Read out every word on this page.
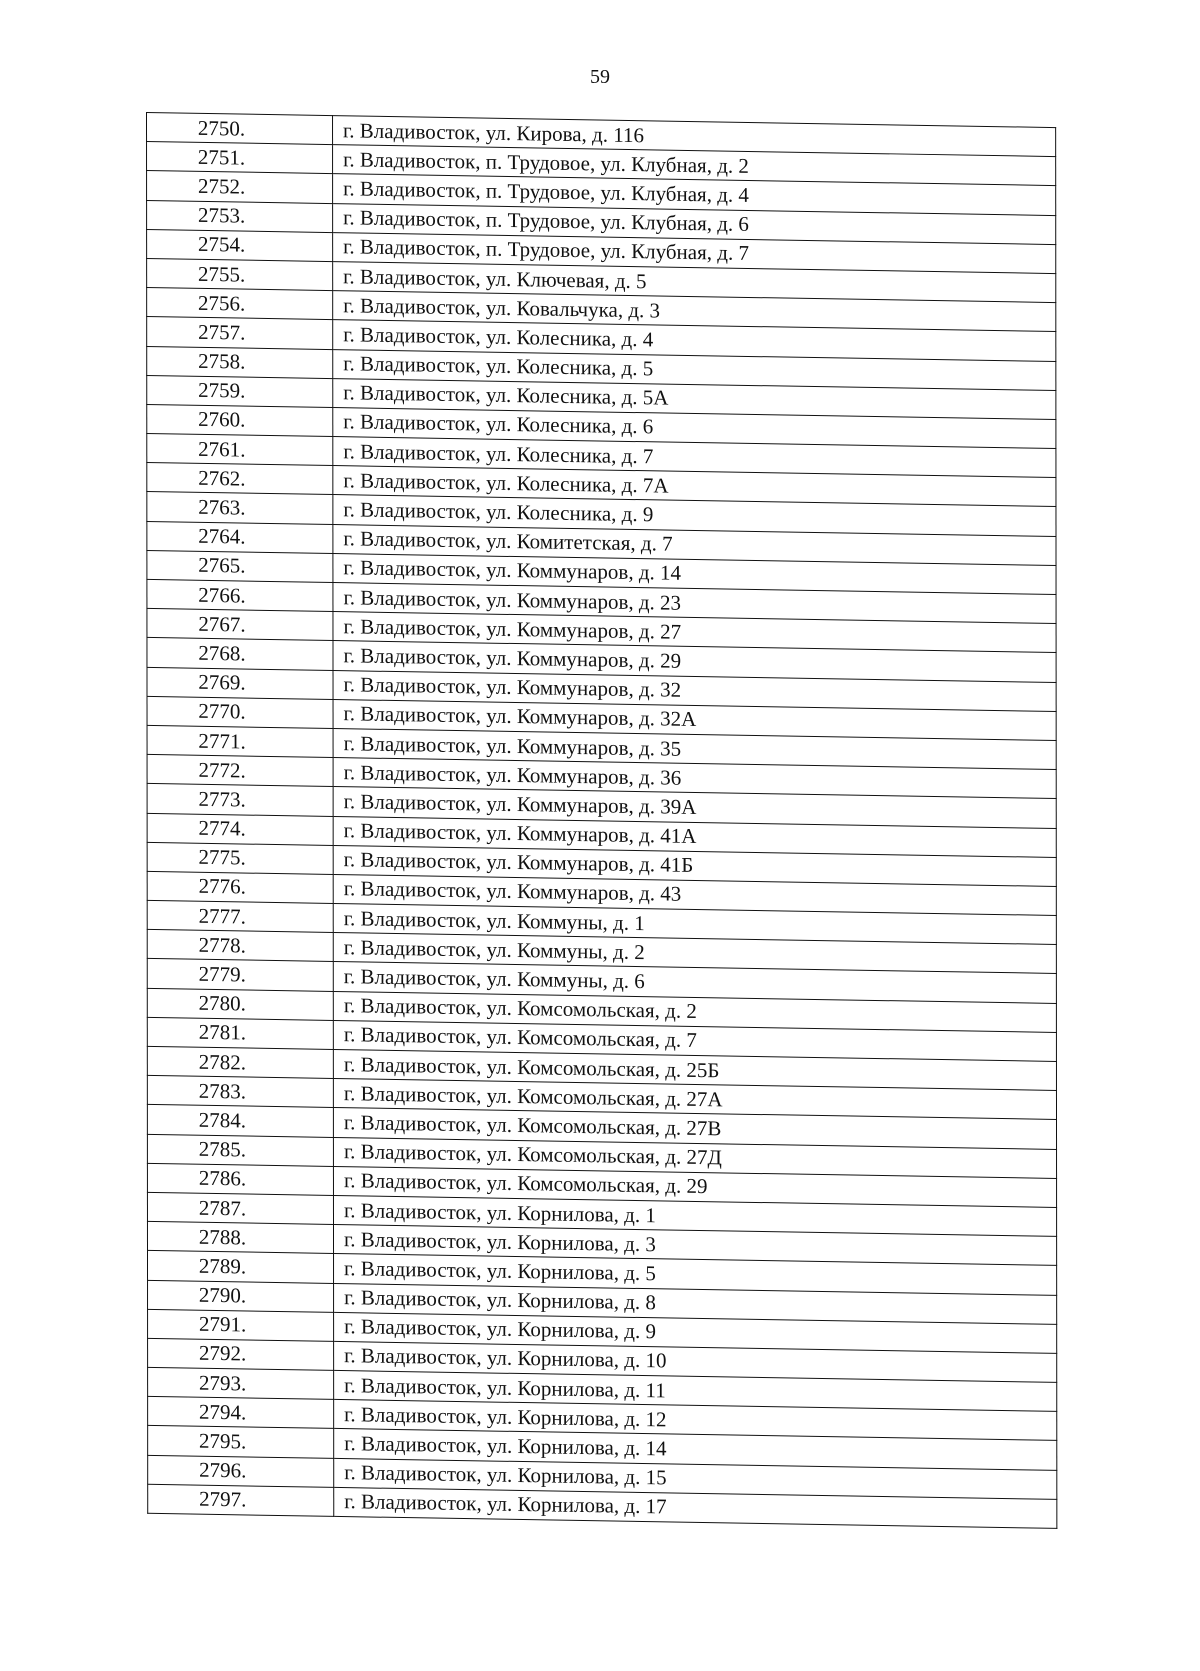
59
2750.	г. Владивосток, ул. Кирова, д. 116
2751.	г. Владивосток, п. Трудовое, ул. Клубная, д. 2
2752.	г. Владивосток, п. Трудовое, ул. Клубная, д. 4
2753.	г. Владивосток, п. Трудовое, ул. Клубная, д. 6
2754.	г. Владивосток, п. Трудовое, ул. Клубная, д. 7
2755.	г. Владивосток, ул. Ключевая, д. 5
2756.	г. Владивосток, ул. Ковальчука, д. 3
2757.	г. Владивосток, ул. Колесника, д. 4
2758.	г. Владивосток, ул. Колесника, д. 5
2759.	г. Владивосток, ул. Колесника, д. 5А
2760.	г. Владивосток, ул. Колесника, д. 6
2761.	г. Владивосток, ул. Колесника, д. 7
2762.	г. Владивосток, ул. Колесника, д. 7А
2763.	г. Владивосток, ул. Колесника, д. 9
2764.	г. Владивосток, ул. Комитетская, д. 7
2765.	г. Владивосток, ул. Коммунаров, д. 14
2766.	г. Владивосток, ул. Коммунаров, д. 23
2767.	г. Владивосток, ул. Коммунаров, д. 27
2768.	г. Владивосток, ул. Коммунаров, д. 29
2769.	г. Владивосток, ул. Коммунаров, д. 32
2770.	г. Владивосток, ул. Коммунаров, д. 32А
2771.	г. Владивосток, ул. Коммунаров, д. 35
2772.	г. Владивосток, ул. Коммунаров, д. 36
2773.	г. Владивосток, ул. Коммунаров, д. 39А
2774.	г. Владивосток, ул. Коммунаров, д. 41А
2775.	г. Владивосток, ул. Коммунаров, д. 41Б
2776.	г. Владивосток, ул. Коммунаров, д. 43
2777.	г. Владивосток, ул. Коммуны, д. 1
2778.	г. Владивосток, ул. Коммуны, д. 2
2779.	г. Владивосток, ул. Коммуны, д. 6
2780.	г. Владивосток, ул. Комсомольская, д. 2
2781.	г. Владивосток, ул. Комсомольская, д. 7
2782.	г. Владивосток, ул. Комсомольская, д. 25Б
2783.	г. Владивосток, ул. Комсомольская, д. 27А
2784.	г. Владивосток, ул. Комсомольская, д. 27В
2785.	г. Владивосток, ул. Комсомольская, д. 27Д
2786.	г. Владивосток, ул. Комсомольская, д. 29
2787.	г. Владивосток, ул. Корнилова, д. 1
2788.	г. Владивосток, ул. Корнилова, д. 3
2789.	г. Владивосток, ул. Корнилова, д. 5
2790.	г. Владивосток, ул. Корнилова, д. 8
2791.	г. Владивосток, ул. Корнилова, д. 9
2792.	г. Владивосток, ул. Корнилова, д. 10
2793.	г. Владивосток, ул. Корнилова, д. 11
2794.	г. Владивосток, ул. Корнилова, д. 12
2795.	г. Владивосток, ул. Корнилова, д. 14
2796.	г. Владивосток, ул. Корнилова, д. 15
2797.	г. Владивосток, ул. Корнилова, д. 17
